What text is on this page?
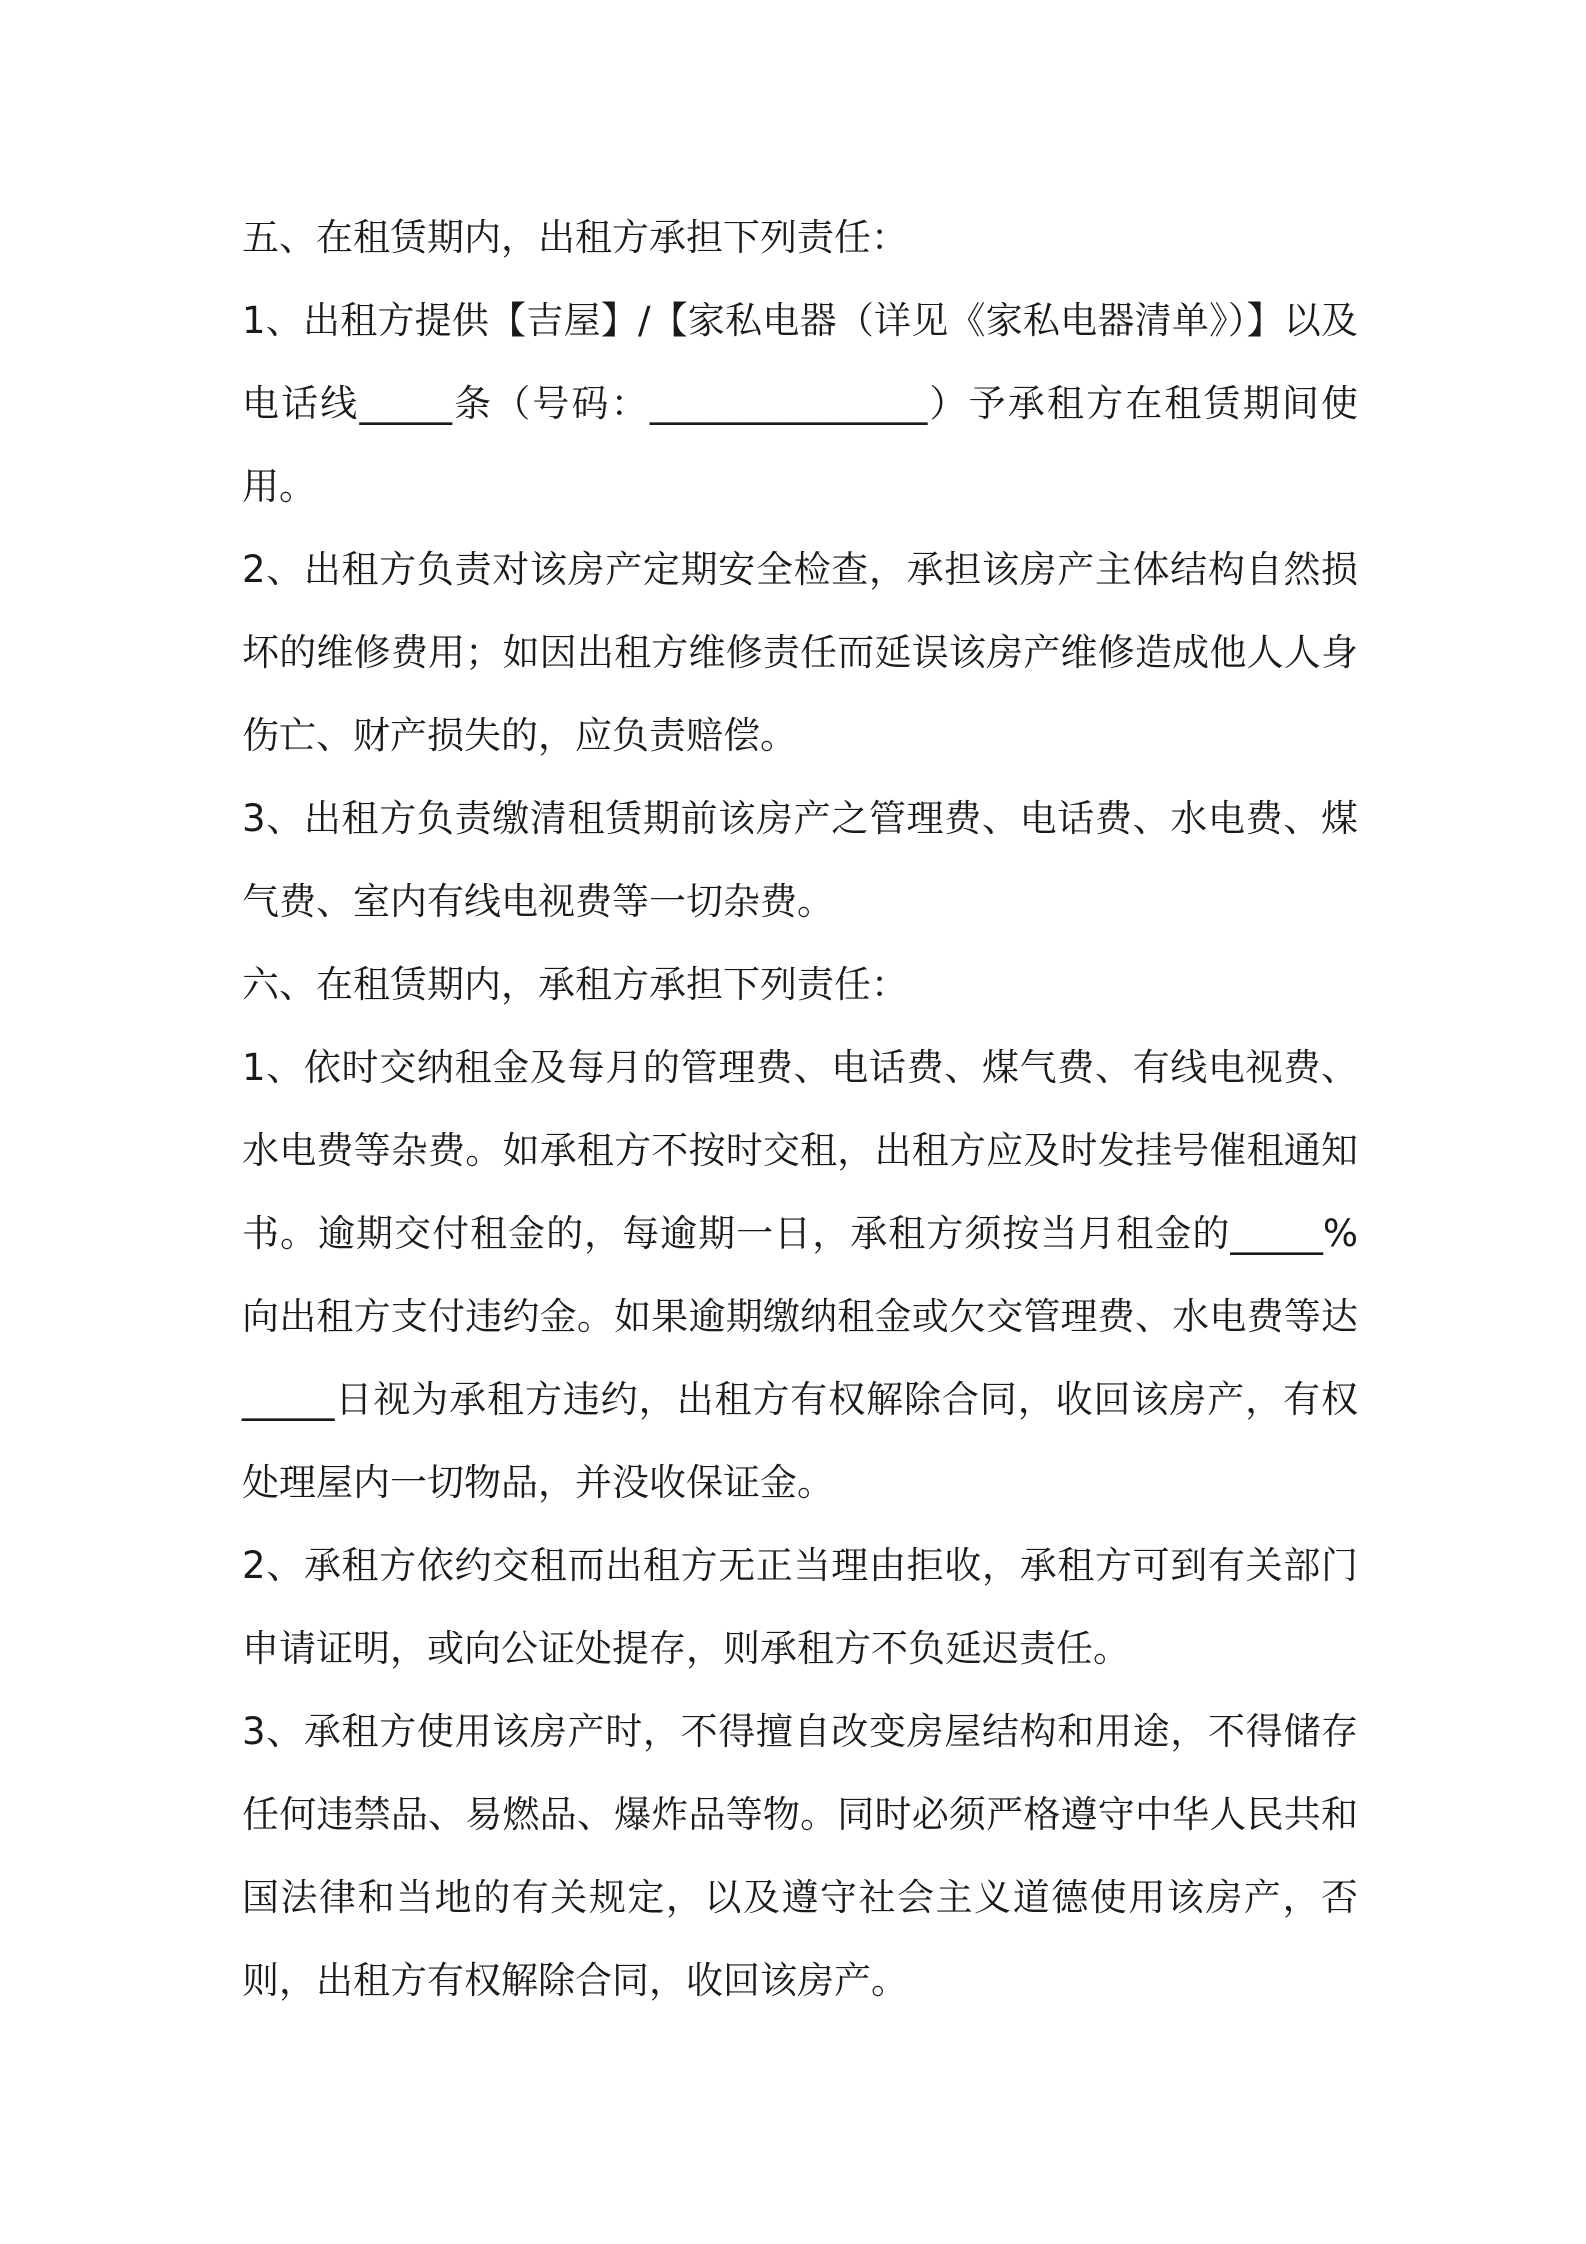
五、在租赁期内，出租方承担下列责任：

1、出租方提供【吉屋】/【家私电器（详见《家私电器清单》）】以及电话线_____条（号码：_______________）予承租方在租赁期间使用。

2、出租方负责对该房产定期安全检查，承担该房产主体结构自然损坏的维修费用；如因出租方维修责任而延误该房产维修造成他人人身伤亡、财产损失的，应负责赔偿。

3、出租方负责缴清租赁期前该房产之管理费、电话费、水电费、煤气费、室内有线电视费等一切杂费。

六、在租赁期内，承租方承担下列责任：

1、依时交纳租金及每月的管理费、电话费、煤气费、有线电视费、水电费等杂费。如承租方不按时交租，出租方应及时发挂号催租通知书。逾期交付租金的，每逾期一日，承租方须按当月租金的_____%向出租方支付违约金。如果逾期缴纳租金或欠交管理费、水电费等达_____日视为承租方违约，出租方有权解除合同，收回该房产，有权处理屋内一切物品，并没收保证金。

2、承租方依约交租而出租方无正当理由拒收，承租方可到有关部门申请证明，或向公证处提存，则承租方不负延迟责任。

3、承租方使用该房产时，不得擅自改变房屋结构和用途，不得储存任何违禁品、易燃品、爆炸品等物。同时必须严格遵守中华人民共和国法律和当地的有关规定，以及遵守社会主义道德使用该房产，否则，出租方有权解除合同，收回该房产。
